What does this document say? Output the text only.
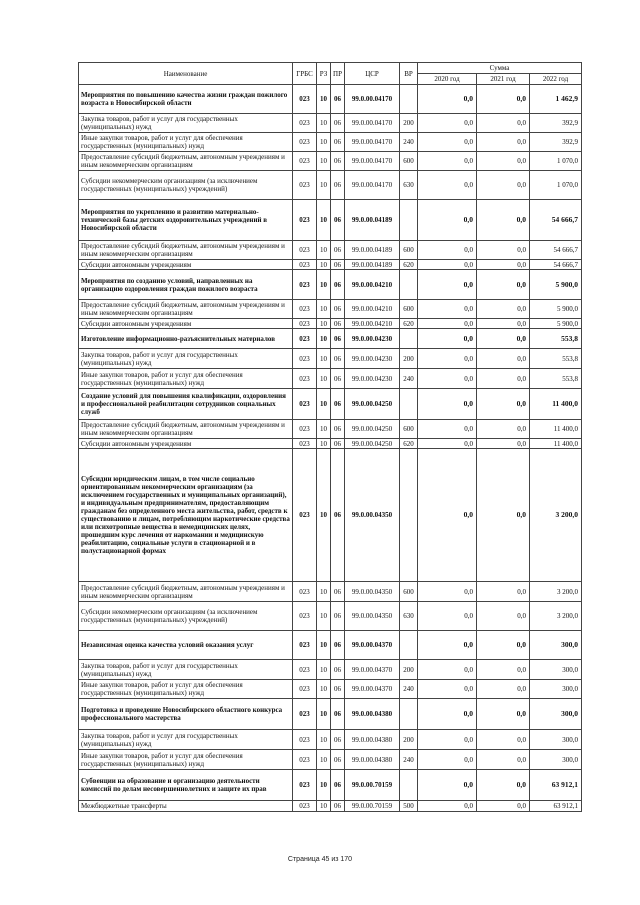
Наименование	ГРБС	РЗ	ПР	ЦСР	ВР	Сумма		
						2020 год	2021 год	2022 год
Мероприятия по повышению качества жизни граждан пожилого возраста в Новосибирской области	023	10	06	99.0.00.04170		0,0	0,0	1 462,9
Закупка товаров, работ и услуг для государственных (муниципальных) нужд	023	10	06	99.0.00.04170	200	0,0	0,0	392,9
Иные закупки товаров, работ и услуг для обеспечения государственных (муниципальных) нужд	023	10	06	99.0.00.04170	240	0,0	0,0	392,9
Предоставление субсидий бюджетным, автономным учреждениям и иным некоммерческим организациям	023	10	06	99.0.00.04170	600	0,0	0,0	1 070,0
Субсидии некоммерческим организациям (за исключением государственных (муниципальных) учреждений)	023	10	06	99.0.00.04170	630	0,0	0,0	1 070,0
Мероприятия по укреплению и развитию материально-технической базы детских оздоровительных учреждений в Новосибирской области	023	10	06	99.0.00.04189		0,0	0,0	54 666,7
Предоставление субсидий бюджетным, автономным учреждениям и иным некоммерческим организациям	023	10	06	99.0.00.04189	600	0,0	0,0	54 666,7
Субсидии автономным учреждениям	023	10	06	99.0.00.04189	620	0,0	0,0	54 666,7
Мероприятия по созданию условий, направленных на организацию оздоровления граждан пожилого возраста	023	10	06	99.0.00.04210		0,0	0,0	5 900,0
Предоставление субсидий бюджетным, автономным учреждениям и иным некоммерческим организациям	023	10	06	99.0.00.04210	600	0,0	0,0	5 900,0
Субсидии автономным учреждениям	023	10	06	99.0.00.04210	620	0,0	0,0	5 900,0
Изготовление информационно-разъяснительных материалов	023	10	06	99.0.00.04230		0,0	0,0	553,8
Закупка товаров, работ и услуг для государственных (муниципальных) нужд	023	10	06	99.0.00.04230	200	0,0	0,0	553,8
Иные закупки товаров, работ и услуг для обеспечения государственных (муниципальных) нужд	023	10	06	99.0.00.04230	240	0,0	0,0	553,8
Создание условий для повышения квалификации, оздоровления и профессиональной реабилитации сотрудников социальных служб	023	10	06	99.0.00.04250		0,0	0,0	11 400,0
Предоставление субсидий бюджетным, автономным учреждениям и иным некоммерческим организациям	023	10	06	99.0.00.04250	600	0,0	0,0	11 400,0
Субсидии автономным учреждениям	023	10	06	99.0.00.04250	620	0,0	0,0	11 400,0
Субсидии юридическим лицам, в том числе социально ориентированным некоммерческим организациям (за исключением государственных и муниципальных организаций), и индивидуальным предпринимателям, предоставляющим гражданам без определенного места жительства, работ, средств к существованию и лицам, потребляющим наркотические средства или психотропные вещества в немедицинских целях, прошедшим курс лечения от наркомании и медицинскую реабилитацию, социальные услуги в стационарной и в полустационарной формах	023	10	06	99.0.00.04350		0,0	0,0	3 200,0
Предоставление субсидий бюджетным, автономным учреждениям и иным некоммерческим организациям	023	10	06	99.0.00.04350	600	0,0	0,0	3 200,0
Субсидии некоммерческим организациям (за исключением государственных (муниципальных) учреждений)	023	10	06	99.0.00.04350	630	0,0	0,0	3 200,0
Независимая оценка качества условий оказания услуг	023	10	06	99.0.00.04370		0,0	0,0	300,0
Закупка товаров, работ и услуг для государственных (муниципальных) нужд	023	10	06	99.0.00.04370	200	0,0	0,0	300,0
Иные закупки товаров, работ и услуг для обеспечения государственных (муниципальных) нужд	023	10	06	99.0.00.04370	240	0,0	0,0	300,0
Подготовка и проведение Новосибирского областного конкурса профессионального мастерства	023	10	06	99.0.00.04380		0,0	0,0	300,0
Закупка товаров, работ и услуг для государственных (муниципальных) нужд	023	10	06	99.0.00.04380	200	0,0	0,0	300,0
Иные закупки товаров, работ и услуг для обеспечения государственных (муниципальных) нужд	023	10	06	99.0.00.04380	240	0,0	0,0	300,0
Субвенции на образование и организацию деятельности комиссий по делам несовершеннолетних и защите их прав	023	10	06	99.0.00.70159		0,0	0,0	63 912,1
Межбюджетные трансферты	023	10	06	99.0.00.70159	500	0,0	0,0	63 912,1
Страница 45 из 170
